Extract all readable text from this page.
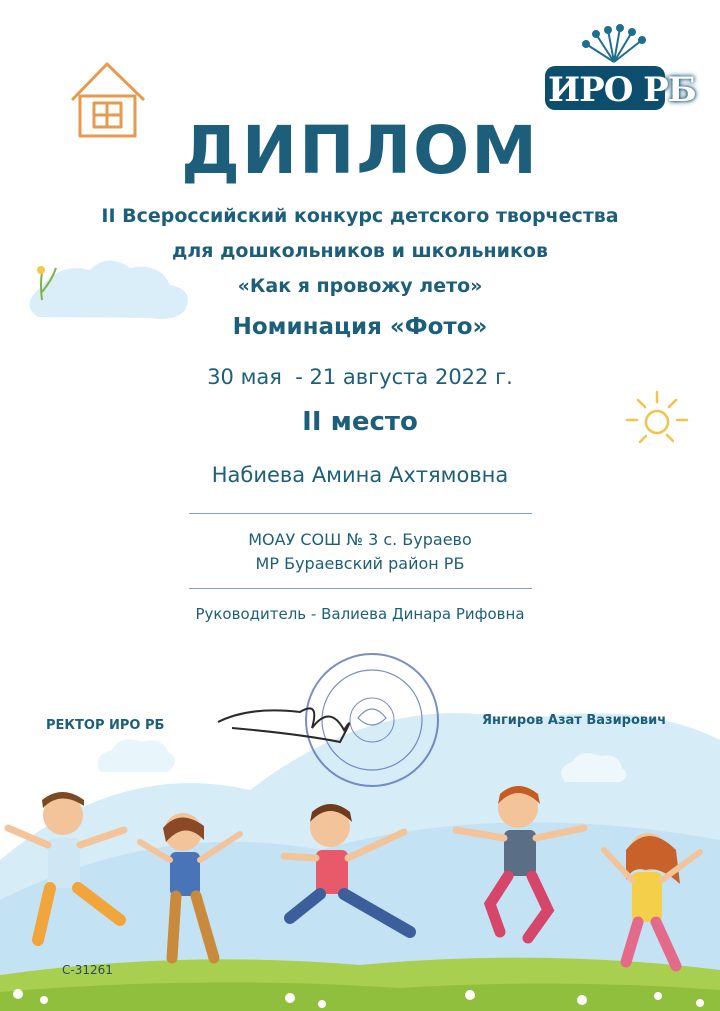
ИРО РБ
ДИПЛОМ
II Всероссийский конкурс детского творчества
для дошкольников и школьников
«Как я провожу лето»
Номинация «Фото»
30 мая  - 21 августа 2022 г.
II место
Набиева Амина Ахтямовна
МОАУ СОШ № 3 с. Бураево
МР Бураевский район РБ
Руководитель - Валиева Динара Рифовна
РЕКТОР ИРО РБ	Янгиров Азат Вазирович
С-31261
